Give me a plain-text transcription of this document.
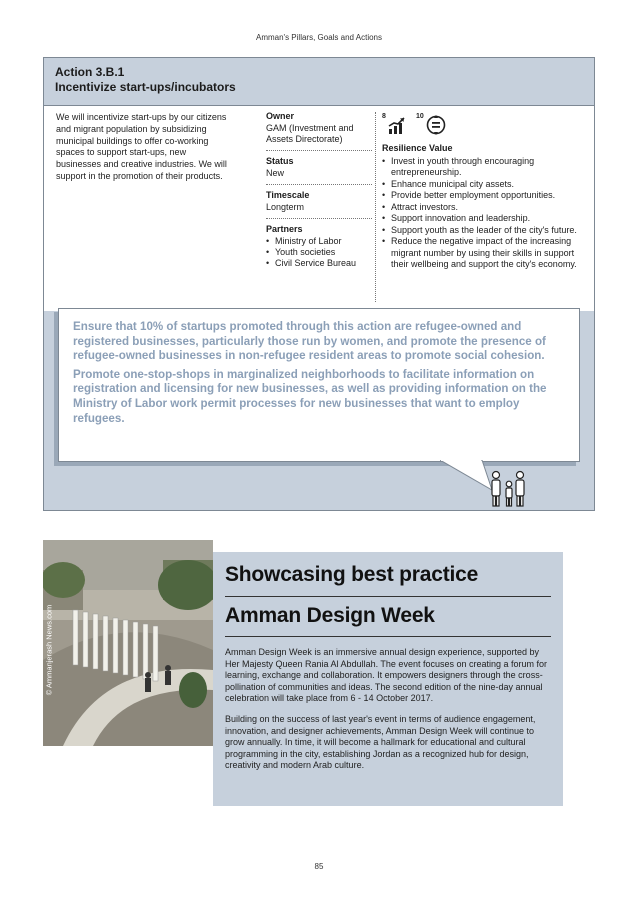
Amman's Pillars, Goals and Actions
Action 3.B.1
Incentivize start-ups/incubators
We will incentivize start-ups by our citizens and migrant population by subsidizing municipal buildings to offer co-working spaces to support start-ups, new businesses and creative industries. We will support in the promotion of their products.
Owner
GAM (Investment and Assets Directorate)
Status
New
Timescale
Longterm
Partners
• Ministry of Labor
• Youth societies
• Civil Service Bureau
8	10
Resilience Value
• Invest in youth through encouraging entrepreneurship.
• Enhance municipal city assets.
• Provide better employment opportunities.
• Attract investors.
• Support innovation and leadership.
• Support youth as the leader of the city's future.
• Reduce the negative impact of the increasing migrant number by using their skills in support their wellbeing and support the city's economy.

Ensure that 10% of startups promoted through this action are refugee-owned and registered businesses, particularly those run by women, and promote the presence of refugee-owned businesses in non-refugee resident areas to promote social cohesion.

Promote one-stop-shops in marginalized neighborhoods to facilitate information on registration and licensing for new businesses, as well as providing information on the Ministry of Labor work permit processes for new businesses that want to employ refugees.

© Ammanjerash News.com
Showcasing best practice
Amman Design Week

Amman Design Week is an immersive annual design experience, supported by Her Majesty Queen Rania Al Abdullah. The event focuses on creating a forum for learning, exchange and collaboration. It empowers designers through the cross-pollination of communities and ideas. The second edition of the nine-day annual celebration will take place from 6 - 14 October 2017.

Building on the success of last year's event in terms of audience engagement, innovation, and designer achievements, Amman Design Week will continue to grow annually. In time, it will become a hallmark for educational and cultural programming in the city, establishing Jordan as a recognized hub for design, creativity and modern Arab culture.

85
